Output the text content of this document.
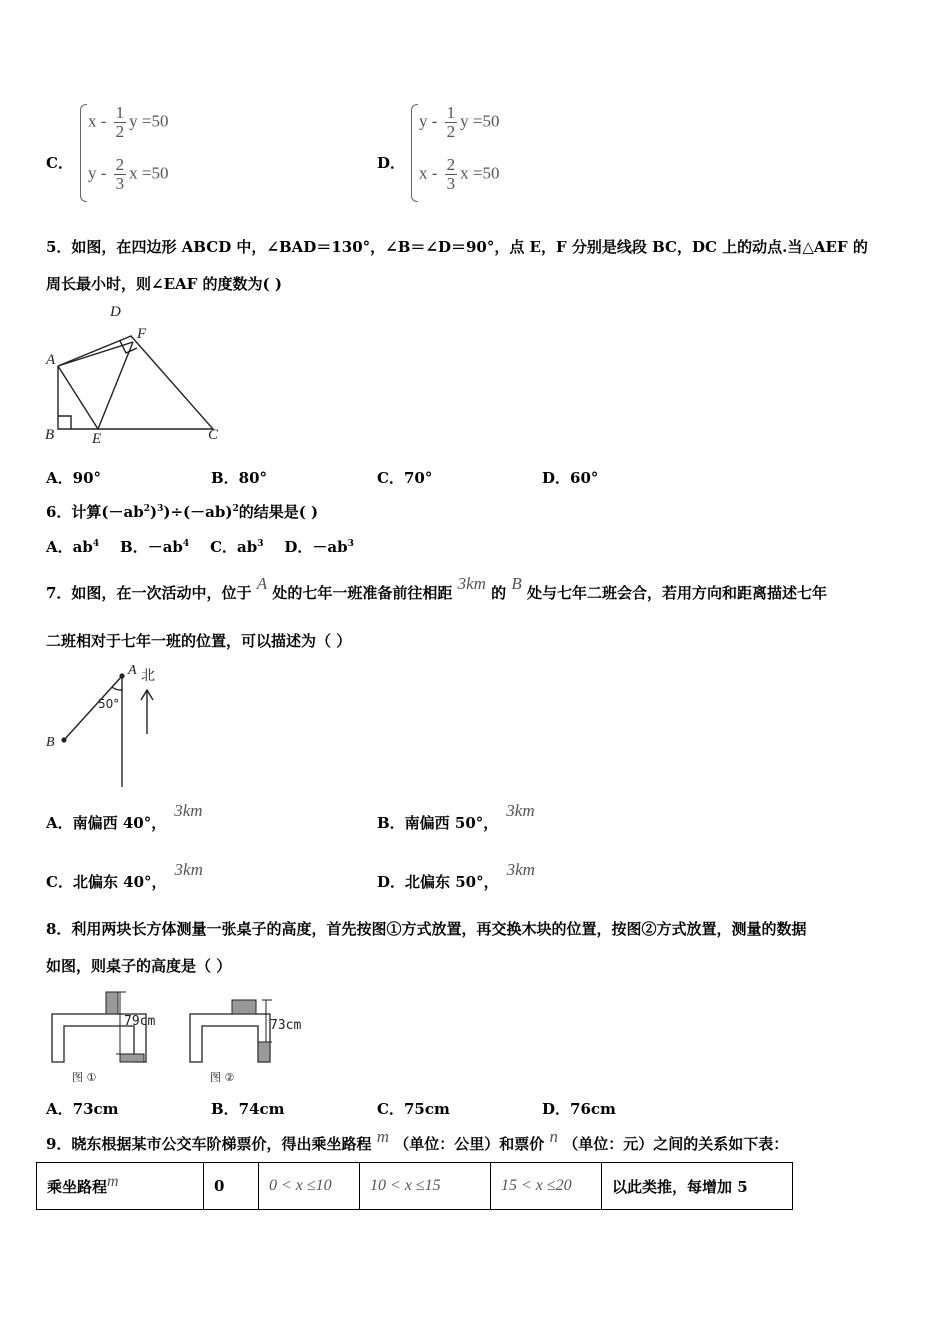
C．
x - $\frac{1}{2}$ y =50
y - $\frac{2}{3}$ x =50
D．
y - $\frac{1}{2}$ y =50
x - $\frac{2}{3}$ x =50
5．如图，在四边形 ABCD 中，∠BAD＝130°，∠B＝∠D＝90°，点 E，F 分别是线段 BC，DC 上的动点.当△AEF 的
周长最小时，则∠EAF 的度数为( )
D
F
A
B	E	C
A．90°	B．80°	C．70°	D．60°
6．计算$(-ab^2)^3)\div(-ab)^2$的结果是( )
A．$ab^4$ B．$-ab^4$ C．$ab^3$ D．$-ab^3$
7．如图，在一次活动中，位于 A 处的七年一班准备前往相距 3km 的 B 处与七年二班会合，若用方向和距离描述七年
二班相对于七年一班的位置，可以描述为（ ）
A 北
50°
B
A．南偏西 40°，3km
B．南偏西 50°，3km
C．北偏东 40°，3km
D．北偏东 50°，3km
8．利用两块长方体测量一张桌子的高度，首先按图①方式放置，再交换木块的位置，按图②方式放置，测量的数据
如图，则桌子的高度是（ ）
79cm	73cm
图 ①	图 ②
A．73cm	B．74cm	C．75cm	D．76cm
9．晓东根据某市公交车阶梯票价，得出乘坐路程 m （单位：公里）和票价 n （单位：元）之间的关系如下表：
乘坐路程m	0	0 < x ≤10	10 < x ≤15	15 < x ≤20	以此类推，每增加 5
